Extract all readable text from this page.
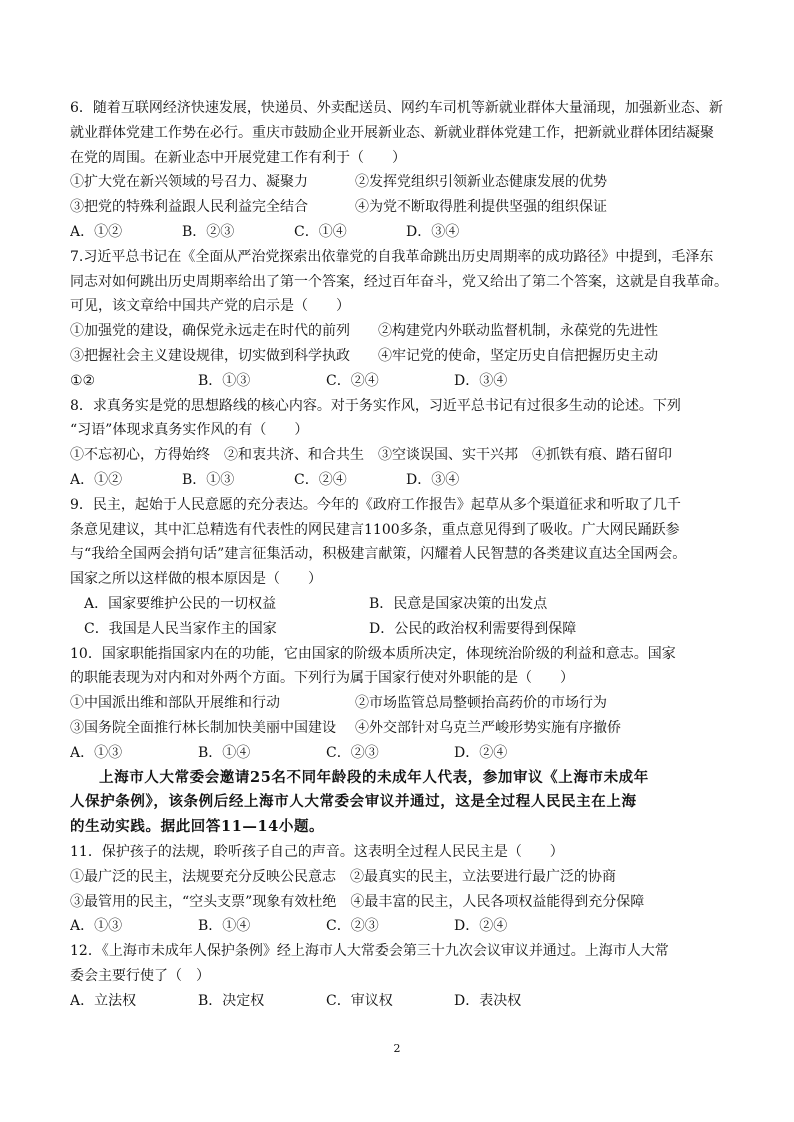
6．随着互联网经济快速发展，快递员、外卖配送员、网约车司机等新就业群体大量涌现，加强新业态、新
就业群体党建工作势在必行。重庆市鼓励企业开展新业态、新就业群体党建工作，把新就业群体团结凝聚
在党的周围。在新业态中开展党建工作有利于（　　）
①扩大党在新兴领域的号召力、凝聚力	②发挥党组织引领新业态健康发展的优势
③把党的特殊利益跟人民利益完全结合	④为党不断取得胜利提供坚强的组织保证
A．①②	B．②③	C．①④	D．③④
7.习近平总书记在《全面从严治党探索出依靠党的自我革命跳出历史周期率的成功路径》中提到，毛泽东
同志对如何跳出历史周期率给出了第一个答案，经过百年奋斗，党又给出了第二个答案，这就是自我革命。
可见，该文章给中国共产党的启示是（　　）
①加强党的建设，确保党永远走在时代的前列　　②构建党内外联动监督机制，永葆党的先进性
③把握社会主义建设规律，切实做到科学执政　　④牢记党的使命，坚定历史自信把握历史主动
①②	B．①③	C．②④	D．③④
8．求真务实是党的思想路线的核心内容。对于务实作风，习近平总书记有过很多生动的论述。下列
“习语”体现求真务实作风的有（　　）
①不忘初心，方得始终　②和衷共济、和合共生　③空谈误国、实干兴邦　④抓铁有痕、踏石留印
A．①②	B．①③	C．②④	D．③④
9．民主，起始于人民意愿的充分表达。今年的《政府工作报告》起草从多个渠道征求和听取了几千
条意见建议，其中汇总精选有代表性的网民建言1100多条，重点意见得到了吸收。广大网民踊跃参
与“我给全国两会捎句话”建言征集活动，积极建言献策，闪耀着人民智慧的各类建议直达全国两会。
国家之所以这样做的根本原因是（　　）
A．国家要维护公民的一切权益	B．民意是国家决策的出发点
C．我国是人民当家作主的国家	D．公民的政治权利需要得到保障
10．国家职能指国家内在的功能，它由国家的阶级本质所决定，体现统治阶级的利益和意志。国家
的职能表现为对内和对外两个方面。下列行为属于国家行使对外职能的是（　　）
①中国派出维和部队开展维和行动	②市场监管总局整顿抬高药价的市场行为
③国务院全面推行林长制加快美丽中国建设 ④外交部针对乌克兰严峻形势实施有序撤侨
A．①③	B．①④	C．②③	D．②④
上海市人大常委会邀请25名不同年龄段的未成年人代表，参加审议《上海市未成年
人保护条例》，该条例后经上海市人大常委会审议并通过，这是全过程人民民主在上海
的生动实践。据此回答11—14小题。
11．保护孩子的法规，聆听孩子自己的声音。这表明全过程人民民主是（　　）
①最广泛的民主，法规要充分反映公民意志　②最真实的民主，立法要进行最广泛的协商
③最管用的民主，“空头支票”现象有效杜绝　④最丰富的民主，人民各项权益能得到充分保障
A．①③	B．①④	C．②③	D．②④
12．《上海市未成年人保护条例》经上海市人大常委会第三十九次会议审议并通过。上海市人大常
委会主要行使了（　）
A．立法权	B．决定权	C．审议权	D．表决权
2
